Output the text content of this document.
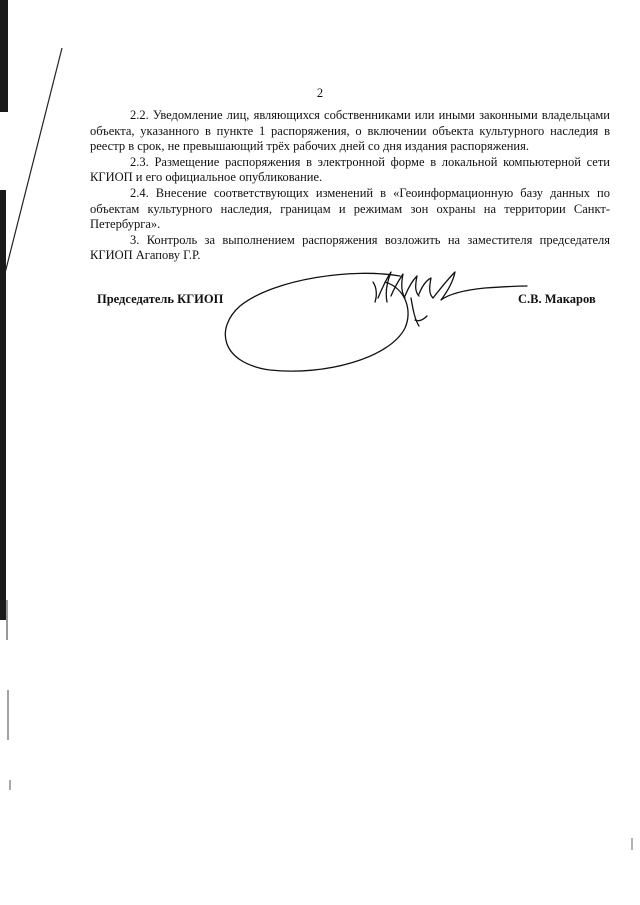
2

2.2. Уведомление лиц, являющихся собственниками или иными законными владельцами объекта, указанного в пункте 1 распоряжения, о включении объекта культурного наследия в реестр в срок, не превышающий трёх рабочих дней со дня издания распоряжения.

2.3. Размещение распоряжения в электронной форме в локальной компьютерной сети КГИОП и его официальное опубликование.

2.4. Внесение соответствующих изменений в «Геоинформационную базу данных по объектам культурного наследия, границам и режимам зон охраны на территории Санкт-Петербурга».

3. Контроль за выполнением распоряжения возложить на заместителя председателя КГИОП Агапову Г.Р.

Председатель КГИОП	С.В. Макаров
